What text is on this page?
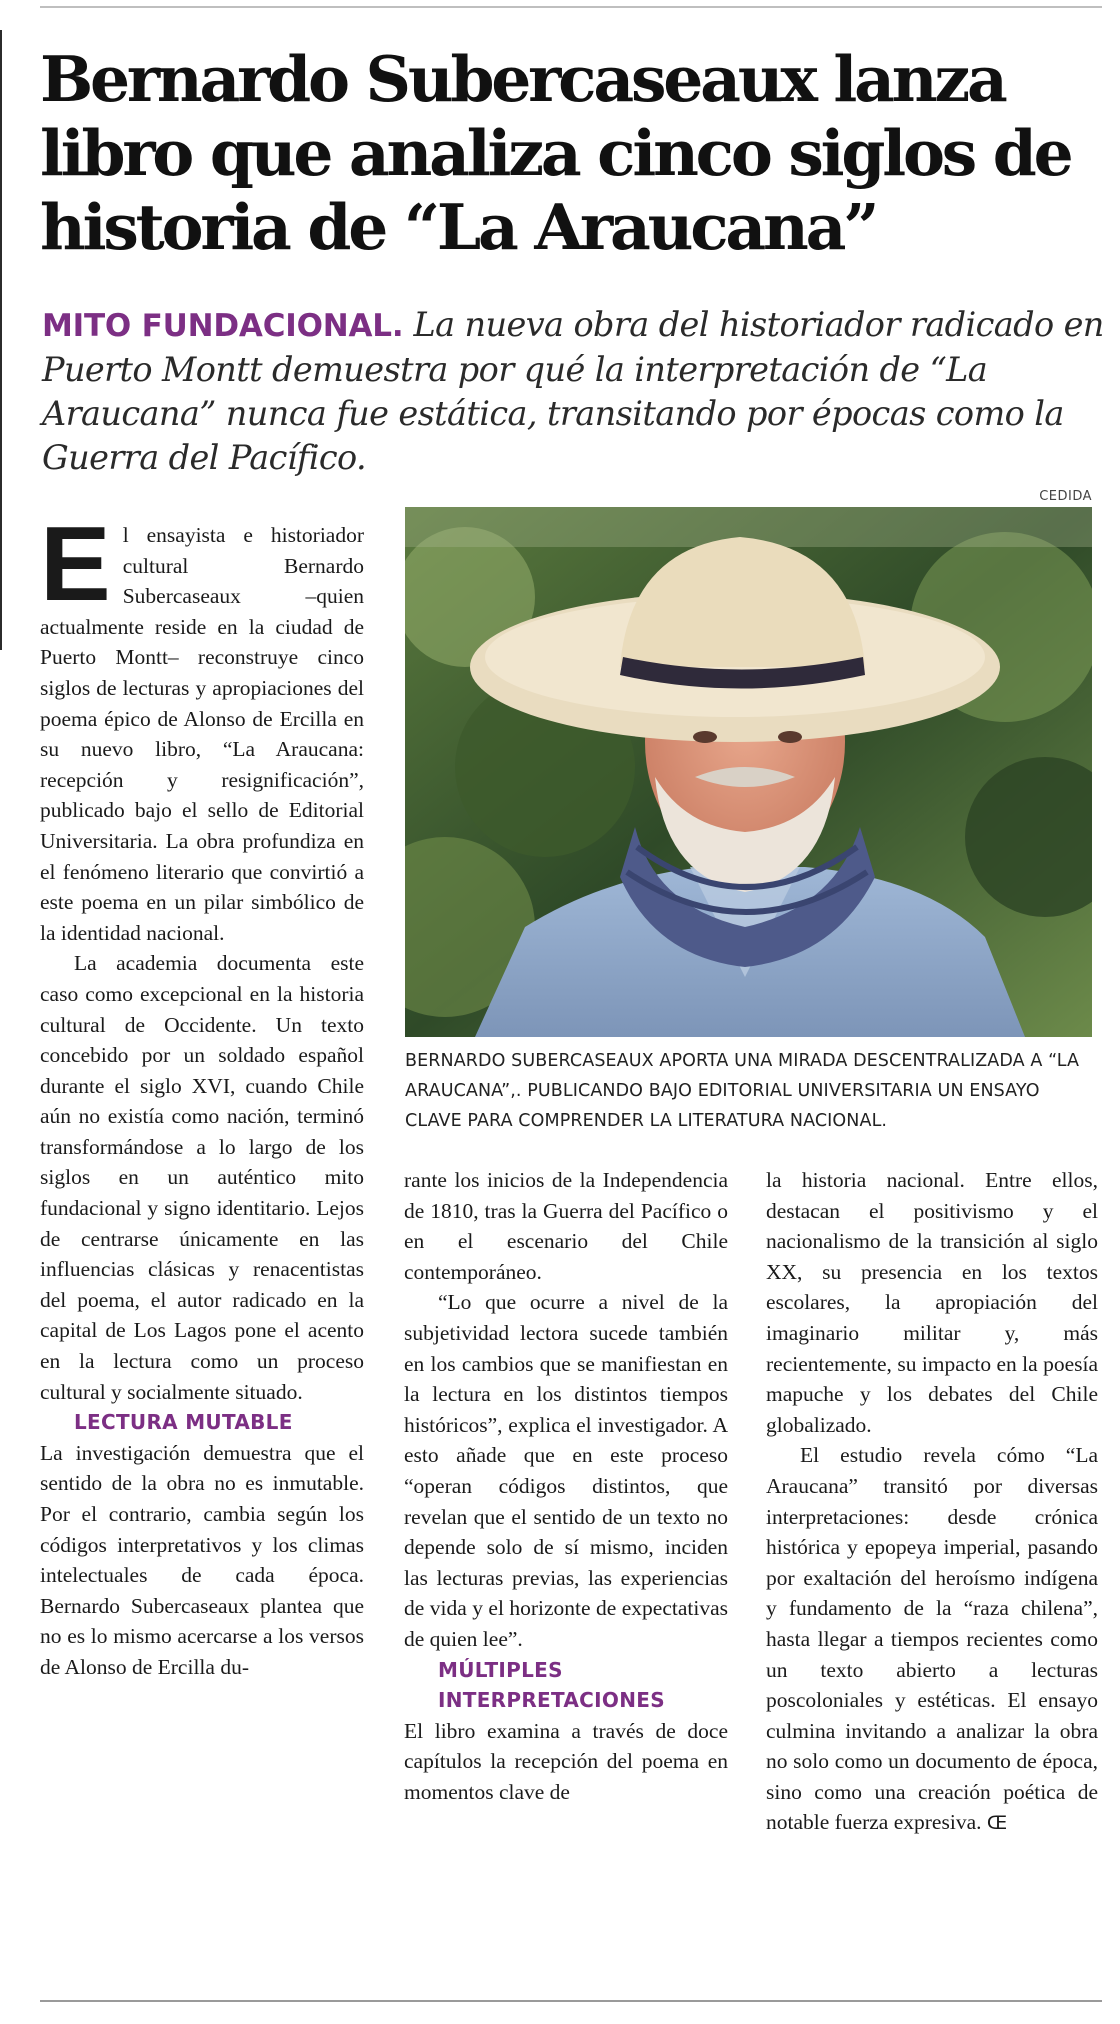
Bernardo Subercaseaux lanza libro que analiza cinco siglos de historia de “La Araucana”

MITO FUNDACIONAL. La nueva obra del historiador radicado en Puerto Montt demuestra por qué la interpretación de “La Araucana” nunca fue estática, transitando por épocas como la Guerra del Pacífico.

CEDIDA

BERNARDO SUBERCASEAUX APORTA UNA MIRADA DESCENTRALIZADA A “LA ARAUCANA”,. PUBLICANDO BAJO EDITORIAL UNIVERSITARIA UN ENSAYO CLAVE PARA COMPRENDER LA LITERATURA NACIONAL.

El ensayista e historiador cultural Bernardo Subercaseaux –quien actualmente reside en la ciudad de Puerto Montt– reconstruye cinco siglos de lecturas y apropiaciones del poema épico de Alonso de Ercilla en su nuevo libro, “La Araucana: recepción y resignificación”, publicado bajo el sello de Editorial Universitaria. La obra profundiza en el fenómeno literario que convirtió a este poema en un pilar simbólico de la identidad nacional.

La academia documenta este caso como excepcional en la historia cultural de Occidente. Un texto concebido por un soldado español durante el siglo XVI, cuando Chile aún no existía como nación, terminó transformándose a lo largo de los siglos en un auténtico mito fundacional y signo identitario. Lejos de centrarse únicamente en las influencias clásicas y renacentistas del poema, el autor radicado en la capital de Los Lagos pone el acento en la lectura como un proceso cultural y socialmente situado.

LECTURA MUTABLE

La investigación demuestra que el sentido de la obra no es inmutable. Por el contrario, cambia según los códigos interpretativos y los climas intelectuales de cada época. Bernardo Subercaseaux plantea que no es lo mismo acercarse a los versos de Alonso de Ercilla du-

rante los inicios de la Independencia de 1810, tras la Guerra del Pacífico o en el escenario del Chile contemporáneo.

“Lo que ocurre a nivel de la subjetividad lectora sucede también en los cambios que se manifiestan en la lectura en los distintos tiempos históricos”, explica el investigador. A esto añade que en este proceso “operan códigos distintos, que revelan que el sentido de un texto no depende solo de sí mismo, inciden las lecturas previas, las experiencias de vida y el horizonte de expectativas de quien lee”.

MÚLTIPLES

INTERPRETACIONES

El libro examina a través de doce capítulos la recepción del poema en momentos clave de

la historia nacional. Entre ellos, destacan el positivismo y el nacionalismo de la transición al siglo XX, su presencia en los textos escolares, la apropiación del imaginario militar y, más recientemente, su impacto en la poesía mapuche y los debates del Chile globalizado.

El estudio revela cómo “La Araucana” transitó por diversas interpretaciones: desde crónica histórica y epopeya imperial, pasando por exaltación del heroísmo indígena y fundamento de la “raza chilena”, hasta llegar a tiempos recientes como un texto abierto a lecturas poscoloniales y estéticas. El ensayo culmina invitando a analizar la obra no solo como un documento de época, sino como una creación poética de notable fuerza expresiva. Œ
